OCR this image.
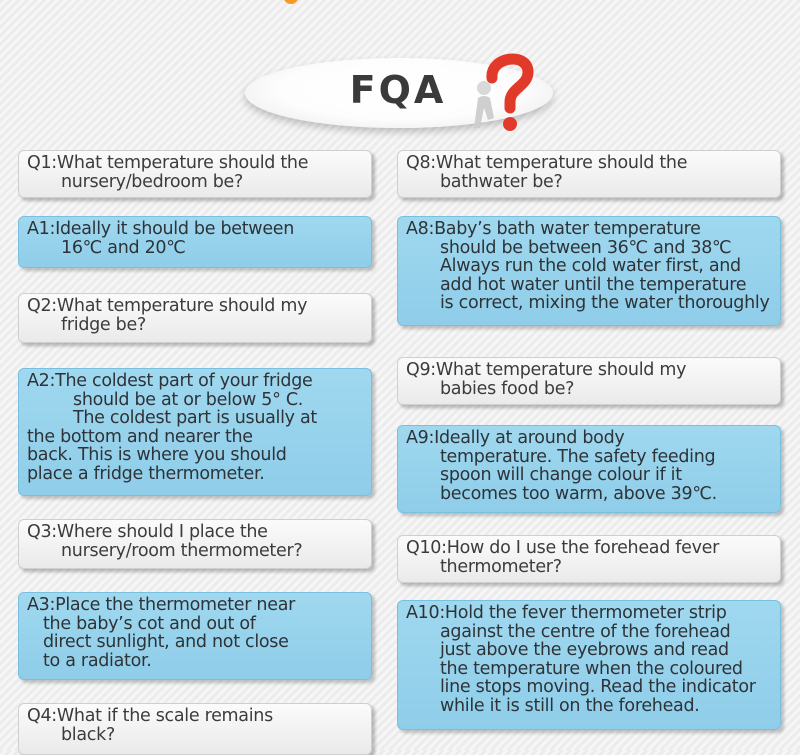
FQA
Q1:What temperature should the
nursery/bedroom be?
A1:Ideally it should be between
16℃ and 20℃
Q2:What temperature should my
fridge be?
A2:The coldest part of your fridge
should be at or below 5° C.
The coldest part is usually at
the bottom and nearer the
back. This is where you should
place a fridge thermometer.
Q3:Where should I place the
nursery/room thermometer?
A3:Place the thermometer near
the baby’s cot and out of
direct sunlight, and not close
to a radiator.
Q4:What if the scale remains
black?
Q8:What temperature should the
bathwater be?
A8:Baby’s bath water temperature
should be between 36℃ and 38℃
Always run the cold water first, and
add hot water until the temperature
is correct, mixing the water thoroughly
Q9:What temperature should my
babies food be?
A9:Ideally at around body
temperature. The safety feeding
spoon will change colour if it
becomes too warm, above 39℃.
Q10:How do I use the forehead fever
thermometer?
A10:Hold the fever thermometer strip
against the centre of the forehead
just above the eyebrows and read
the temperature when the coloured
line stops moving. Read the indicator
while it is still on the forehead.
